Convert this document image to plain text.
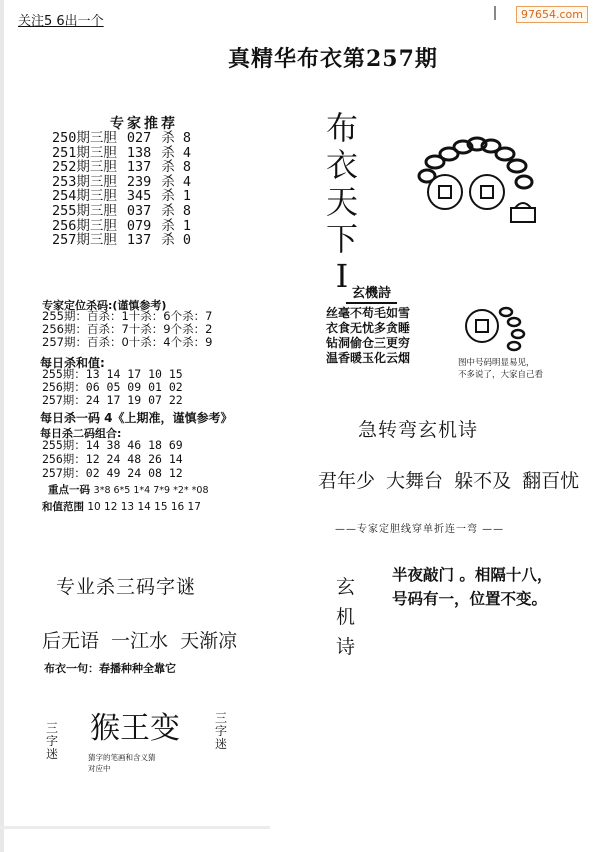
关注5 6出一个	97654.com
真精华布衣第257期
专家推荐
250期三胆 027 杀 8
251期三胆 138 杀 4
252期三胆 137 杀 8
253期三胆 239 杀 4
254期三胆 345 杀 1
255期三胆 037 杀 8
256期三胆 079 杀 1
257期三胆 137 杀 0
布
衣
天
下
I
专家定位杀码:(谨慎参考)
255期：百杀：1十杀：6个杀：7
256期：百杀：7十杀：9个杀：2
257期：百杀：0十杀：4个杀：9
每日杀和值:
255期：13 14 17 10 15
256期：06 05 09 01 02
257期：24 17 19 07 22
每日杀一码 4《上期准，谨慎参考》
每日杀二码组合:
255期：14 38 46 18 69
256期：12 24 48 26 14
257期：02 49 24 08 12
重点一码 3*8 6*5 1*4 7*9 *2* *08
和值范围 10 12 13 14 15 16 17
玄機詩
丝毫不苟毛如雪
衣食无忧多贪睡
钻洞偷仓三更穷
温香暖玉化云烟	图中号码明显易见，
不多说了，大家自己看
急转弯玄机诗
君年少 大舞台 躲不及 翻百忧
——专家定胆线穿单折连一弯 ——
玄
机
诗
半夜敲门 。相隔十八，
号码有一，位置不变。
专业杀三码字谜
后无语 一江水 天渐凉
布衣一句：春播种种全靠它
三
字
迷
猴王变	三
字
迷
猜字的笔画和含义猜
对应中
